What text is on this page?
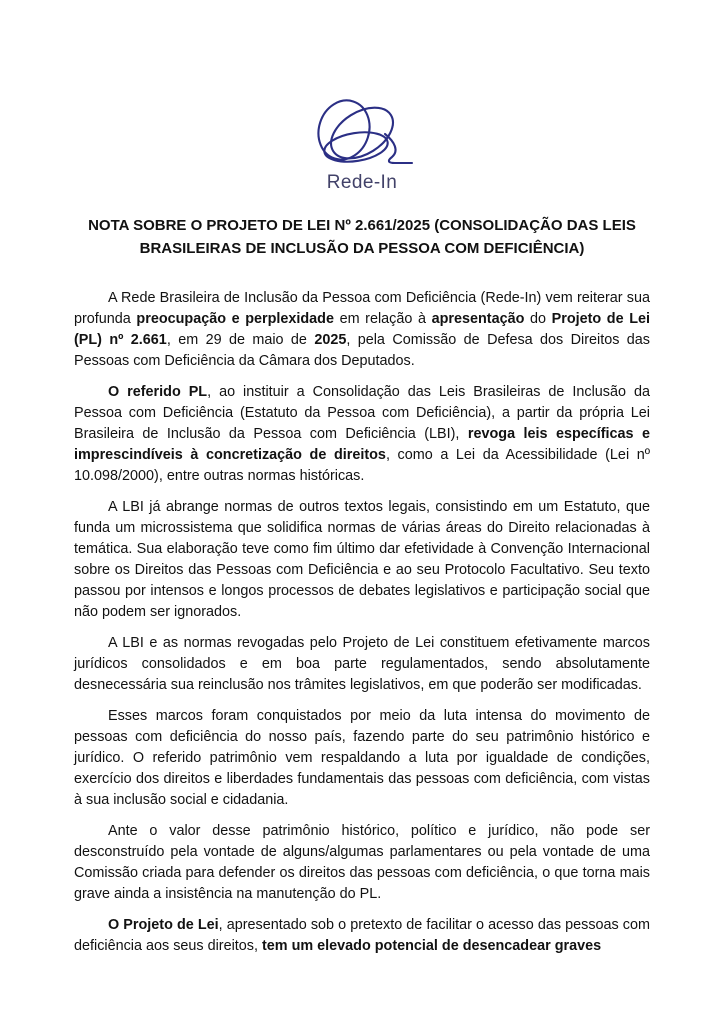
Rede-In
NOTA SOBRE O PROJETO DE LEI Nº 2.661/2025 (CONSOLIDAÇÃO DAS LEIS BRASILEIRAS DE INCLUSÃO DA PESSOA COM DEFICIÊNCIA)

A Rede Brasileira de Inclusão da Pessoa com Deficiência (Rede-In) vem reiterar sua profunda preocupação e perplexidade em relação à apresentação do Projeto de Lei (PL) nº 2.661, em 29 de maio de 2025, pela Comissão de Defesa dos Direitos das Pessoas com Deficiência da Câmara dos Deputados.

O referido PL, ao instituir a Consolidação das Leis Brasileiras de Inclusão da Pessoa com Deficiência (Estatuto da Pessoa com Deficiência), a partir da própria Lei Brasileira de Inclusão da Pessoa com Deficiência (LBI), revoga leis específicas e imprescindíveis à concretização de direitos, como a Lei da Acessibilidade (Lei nº 10.098/2000), entre outras normas históricas.

A LBI já abrange normas de outros textos legais, consistindo em um Estatuto, que funda um microssistema que solidifica normas de várias áreas do Direito relacionadas à temática. Sua elaboração teve como fim último dar efetividade à Convenção Internacional sobre os Direitos das Pessoas com Deficiência e ao seu Protocolo Facultativo. Seu texto passou por intensos e longos processos de debates legislativos e participação social que não podem ser ignorados.

A LBI e as normas revogadas pelo Projeto de Lei constituem efetivamente marcos jurídicos consolidados e em boa parte regulamentados, sendo absolutamente desnecessária sua reinclusão nos trâmites legislativos, em que poderão ser modificadas.

Esses marcos foram conquistados por meio da luta intensa do movimento de pessoas com deficiência do nosso país, fazendo parte do seu patrimônio histórico e jurídico. O referido patrimônio vem respaldando a luta por igualdade de condições, exercício dos direitos e liberdades fundamentais das pessoas com deficiência, com vistas à sua inclusão social e cidadania.

Ante o valor desse patrimônio histórico, político e jurídico, não pode ser desconstruído pela vontade de alguns/algumas parlamentares ou pela vontade de uma Comissão criada para defender os direitos das pessoas com deficiência, o que torna mais grave ainda a insistência na manutenção do PL.

O Projeto de Lei, apresentado sob o pretexto de facilitar o acesso das pessoas com deficiência aos seus direitos, tem um elevado potencial de desencadear graves
